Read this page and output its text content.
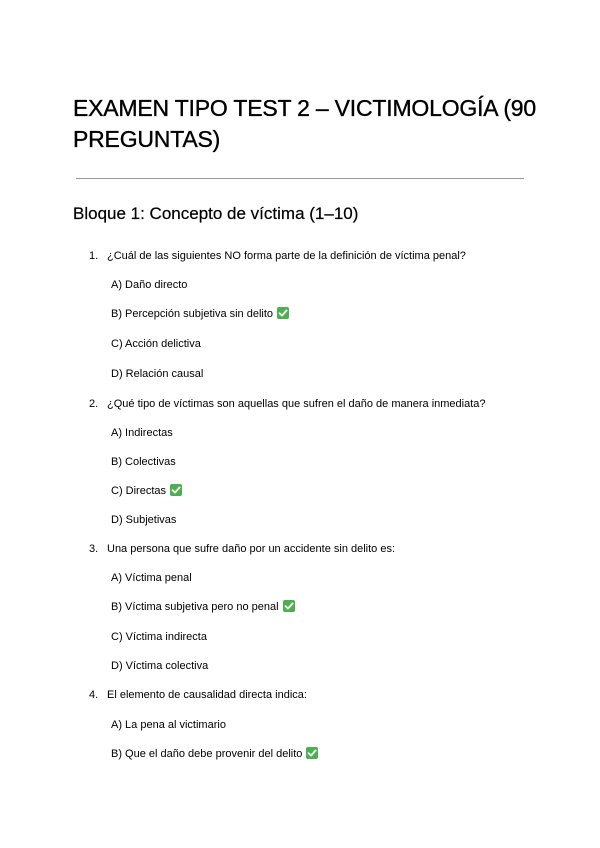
EXAMEN TIPO TEST 2 – VICTIMOLOGÍA (90 PREGUNTAS)
Bloque 1: Concepto de víctima (1–10)
1. ¿Cuál de las siguientes NO forma parte de la definición de víctima penal?
A) Daño directo
B) Percepción subjetiva sin delito
C) Acción delictiva
D) Relación causal
2. ¿Qué tipo de víctimas son aquellas que sufren el daño de manera inmediata?
A) Indirectas
B) Colectivas
C) Directas
D) Subjetivas
3. Una persona que sufre daño por un accidente sin delito es:
A) Víctima penal
B) Víctima subjetiva pero no penal
C) Víctima indirecta
D) Víctima colectiva
4. El elemento de causalidad directa indica:
A) La pena al victimario
B) Que el daño debe provenir del delito
